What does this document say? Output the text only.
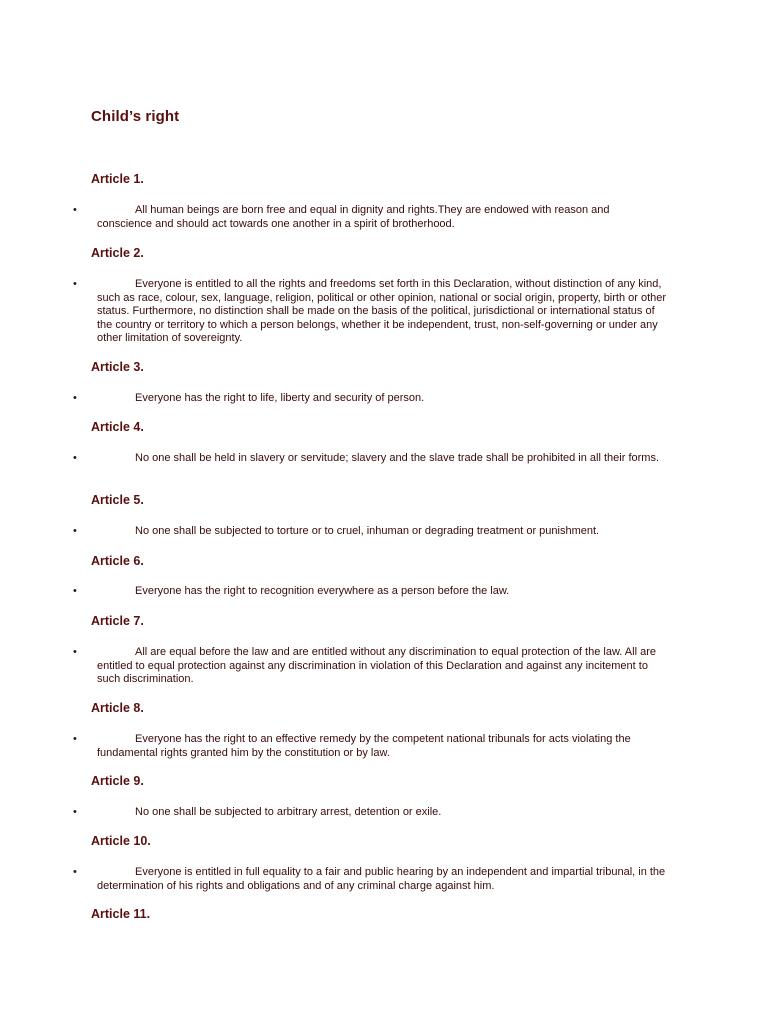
Child’s right
Article 1.
•	All human beings are born free and equal in dignity and rights.They are endowed with reason and conscience and should act towards one another in a spirit of brotherhood.

Article 2.
•	Everyone is entitled to all the rights and freedoms set forth in this Declaration, without distinction of any kind, such as race, colour, sex, language, religion, political or other opinion, national or social origin, property, birth or other status. Furthermore, no distinction shall be made on the basis of the political, jurisdictional or international status of the country or territory to which a person belongs, whether it be independent, trust, non-self-governing or under any other limitation of sovereignty.

Article 3.
•	Everyone has the right to life, liberty and security of person.

Article 4.
•	No one shall be held in slavery or servitude; slavery and the slave trade shall be prohibited in all their forms.

Article 5.
•	No one shall be subjected to torture or to cruel, inhuman or degrading treatment or punishment.

Article 6.
•	Everyone has the right to recognition everywhere as a person before the law.

Article 7.
•	All are equal before the law and are entitled without any discrimination to equal protection of the law. All are entitled to equal protection against any discrimination in violation of this Declaration and against any incitement to such discrimination.

Article 8.
•	Everyone has the right to an effective remedy by the competent national tribunals for acts violating the fundamental rights granted him by the constitution or by law.

Article 9.
•	No one shall be subjected to arbitrary arrest, detention or exile.

Article 10.
•	Everyone is entitled in full equality to a fair and public hearing by an independent and impartial tribunal, in the determination of his rights and obligations and of any criminal charge against him.

Article 11.
